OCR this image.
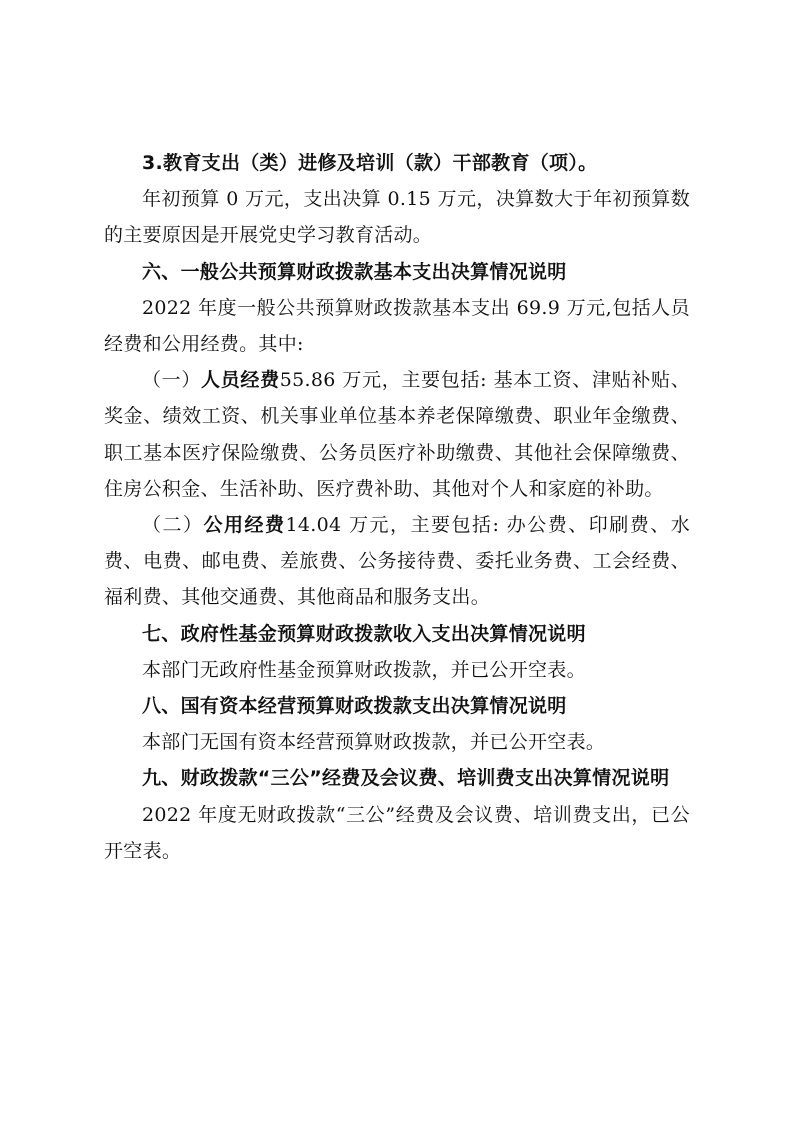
3.教育支出（类）进修及培训（款）干部教育（项）。

年初预算 0 万元，支出决算 0.15 万元，决算数大于年初预算数的主要原因是开展党史学习教育活动。

六、一般公共预算财政拨款基本支出决算情况说明

2022 年度一般公共预算财政拨款基本支出 69.9 万元,包括人员经费和公用经费。其中:

（一）人员经费55.86 万元，主要包括: 基本工资、津贴补贴、奖金、绩效工资、机关事业单位基本养老保障缴费、职业年金缴费、职工基本医疗保险缴费、公务员医疗补助缴费、其他社会保障缴费、住房公积金、生活补助、医疗费补助、其他对个人和家庭的补助。

（二）公用经费14.04 万元，主要包括: 办公费、印刷费、水费、电费、邮电费、差旅费、公务接待费、委托业务费、工会经费、福利费、其他交通费、其他商品和服务支出。

七、政府性基金预算财政拨款收入支出决算情况说明

本部门无政府性基金预算财政拨款，并已公开空表。

八、国有资本经营预算财政拨款支出决算情况说明

本部门无国有资本经营预算财政拨款，并已公开空表。

九、财政拨款“三公”经费及会议费、培训费支出决算情况说明

2022 年度无财政拨款“三公”经费及会议费、培训费支出，已公开空表。
